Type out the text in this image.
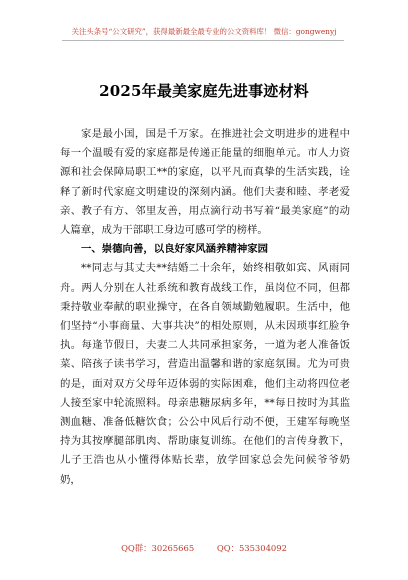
关注头条号“公文研究”，获得最新最全最专业的公文资料库！ 微信：gongwenyj
2025年最美家庭先进事迹材料

家是最小国，国是千万家。在推进社会文明进步的进程中每一个温暖有爱的家庭都是传递正能量的细胞单元。市人力资源和社会保障局职工**的家庭，以平凡而真挚的生活实践，诠释了新时代家庭文明建设的深刻内涵。他们夫妻和睦、孝老爱亲、教子有方、邻里友善，用点滴行动书写着“最美家庭”的动人篇章，成为干部职工身边可感可学的榜样。

一、崇德向善，以良好家风涵养精神家园

**同志与其丈夫**结婚二十余年，始终相敬如宾、风雨同舟。两人分别在人社系统和教育战线工作，虽岗位不同，但都秉持敬业奉献的职业操守，在各自领域勤勉履职。生活中，他们坚持“小事商量、大事共决”的相处原则，从未因琐事红脸争执。每逢节假日，夫妻二人共同承担家务，一道为老人准备饭菜、陪孩子读书学习，营造出温馨和谐的家庭氛围。尤为可贵的是，面对双方父母年迈体弱的实际困难，他们主动将四位老人接至家中轮流照料。母亲患糖尿病多年，**每日按时为其监测血糖、准备低糖饮食；公公中风后行动不便，王建军每晚坚持为其按摩腿部肌肉、帮助康复训练。在他们的言传身教下，儿子王浩也从小懂得体贴长辈，放学回家总会先问候爷爷奶奶，

QQ群：30265665	QQ：535304092
